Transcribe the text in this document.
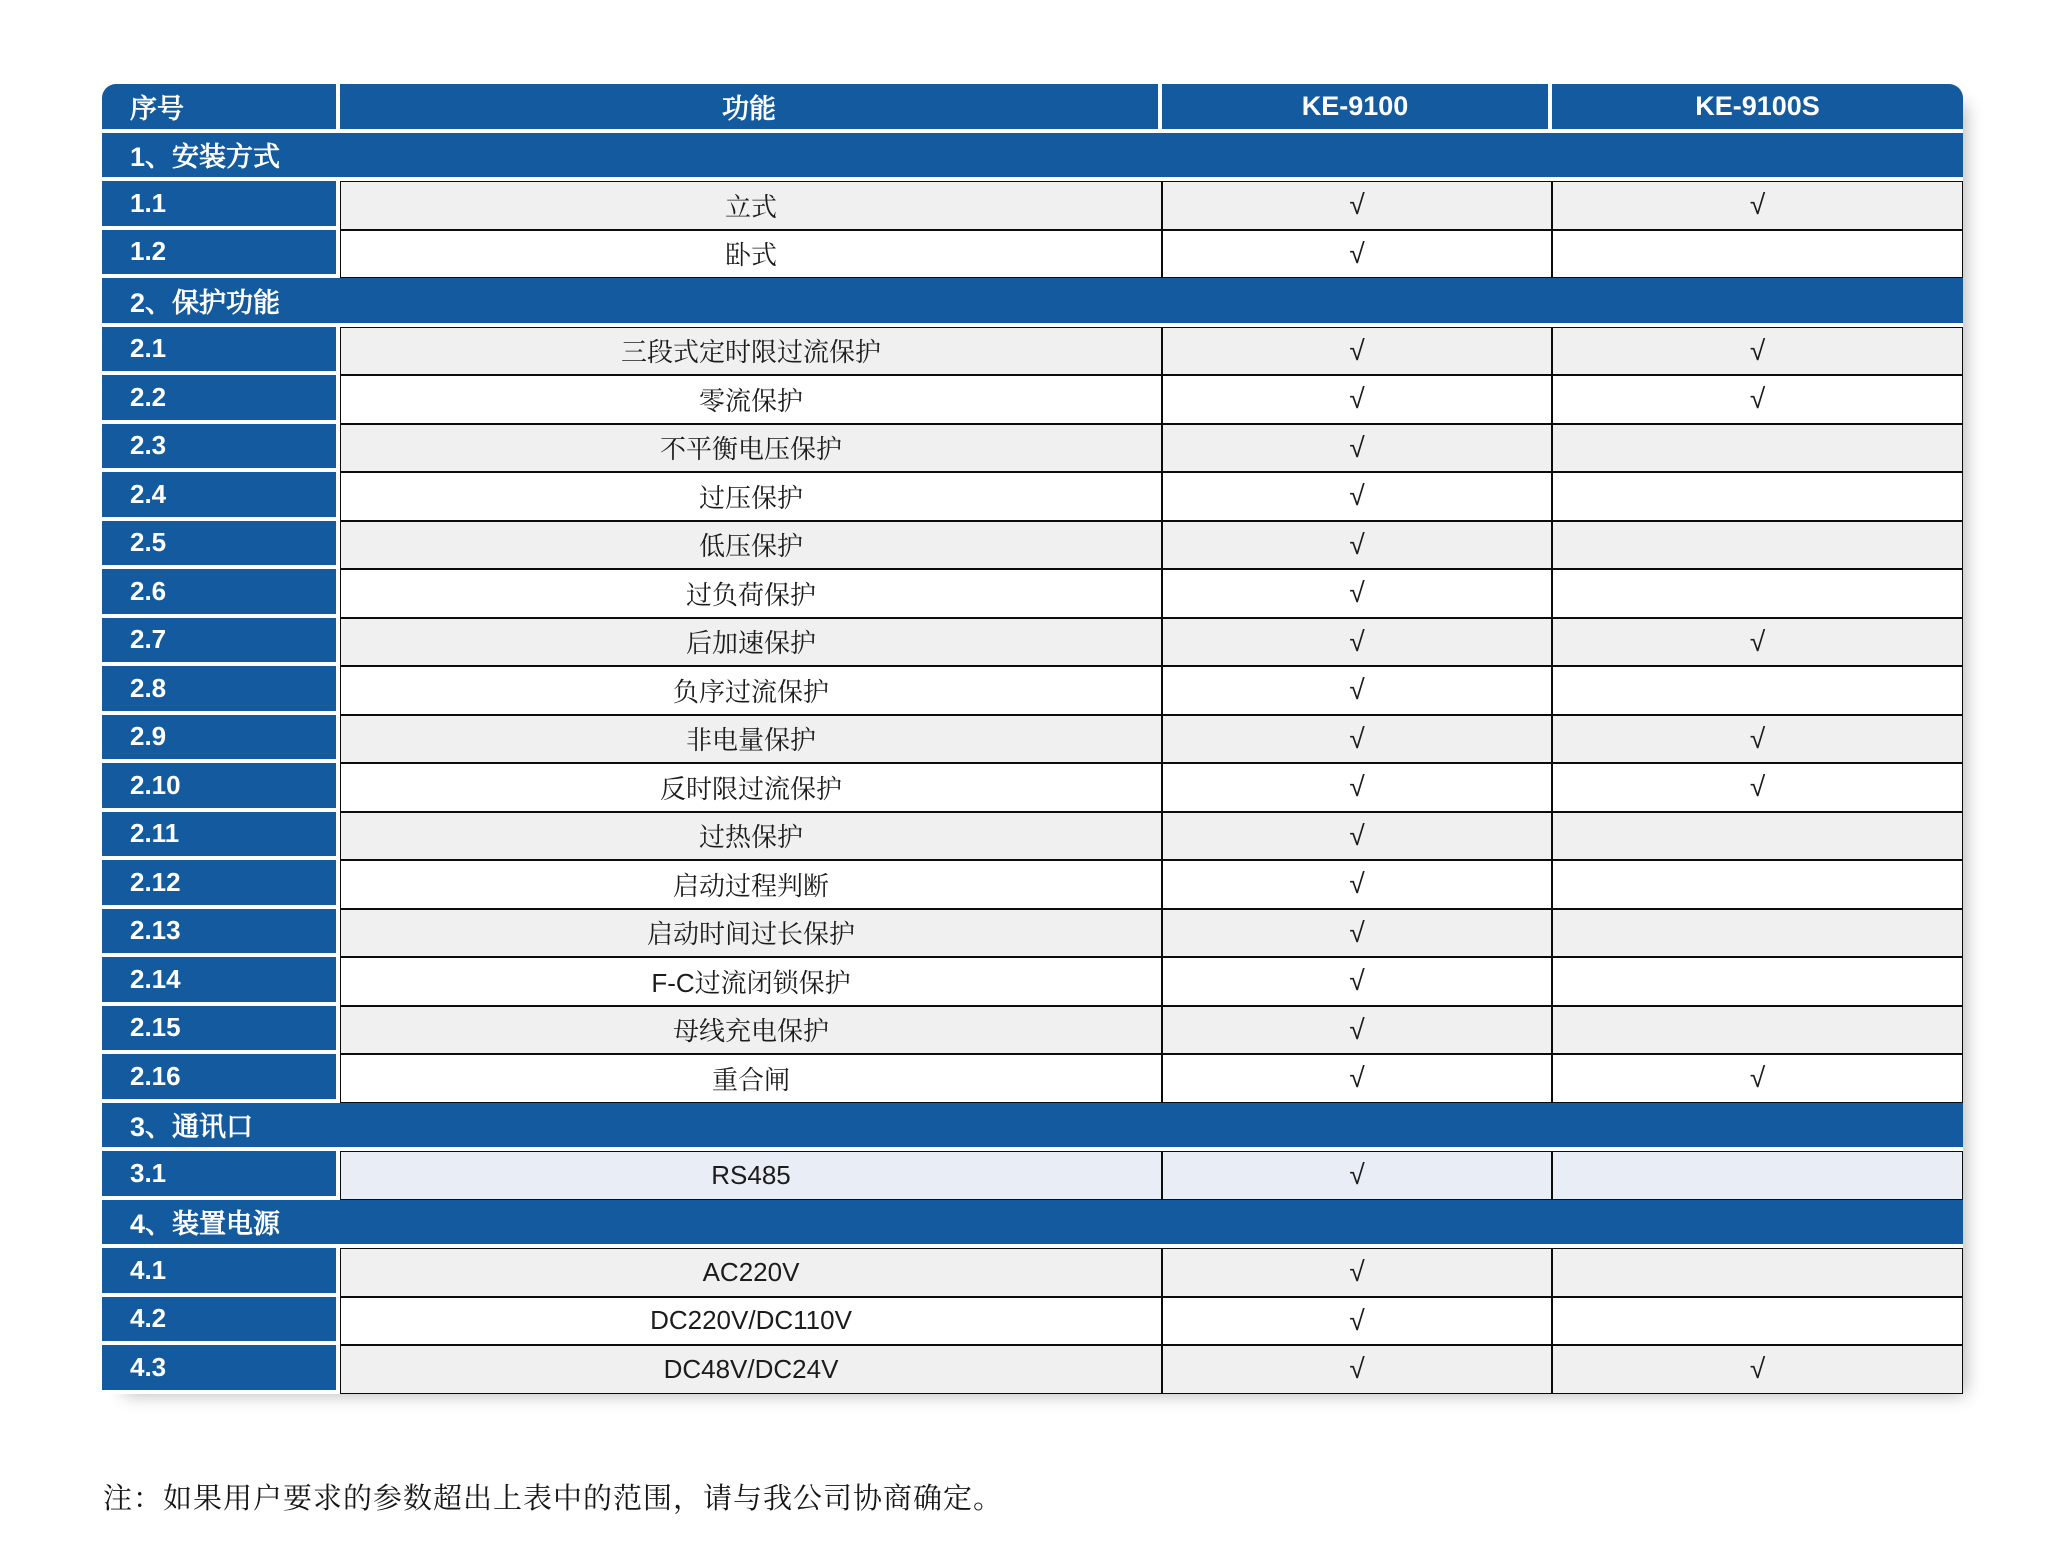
序号	功能	KE-9100	KE-9100S
1、安装方式
1.1	立式	√	√
1.2	卧式	√
2、保护功能
2.1	三段式定时限过流保护	√	√
2.2	零流保护	√	√
2.3	不平衡电压保护	√
2.4	过压保护	√
2.5	低压保护	√
2.6	过负荷保护	√
2.7	后加速保护	√	√
2.8	负序过流保护	√
2.9	非电量保护	√	√
2.10	反时限过流保护	√	√
2.11	过热保护	√
2.12	启动过程判断	√
2.13	启动时间过长保护	√
2.14	F-C过流闭锁保护	√
2.15	母线充电保护	√
2.16	重合闸	√	√
3、通讯口
3.1	RS485	√
4、装置电源
4.1	AC220V	√
4.2	DC220V/DC110V	√
4.3	DC48V/DC24V	√	√
注：如果用户要求的参数超出上表中的范围，请与我公司协商确定。
